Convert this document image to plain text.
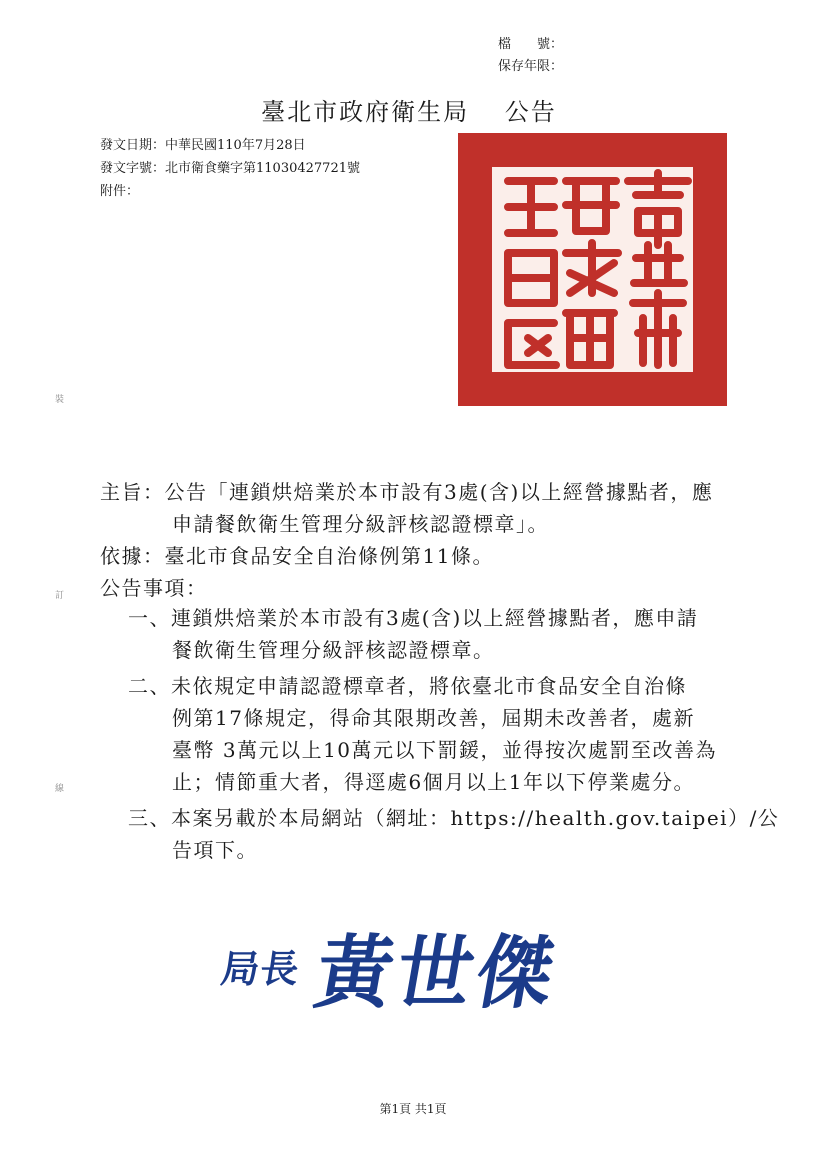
檔　　號：
保存年限：
臺北市政府衛生局　 公告
發文日期：中華民國110年7月28日
發文字號：北市衛食藥字第11030427721號
附件：
裝
訂
線
主旨：公告「連鎖烘焙業於本市設有3處(含)以上經營據點者，應
申請餐飲衛生管理分級評核認證標章」。
依據：臺北市食品安全自治條例第11條。
公告事項：
一、連鎖烘焙業於本市設有3處(含)以上經營據點者，應申請
餐飲衛生管理分級評核認證標章。
二、未依規定申請認證標章者，將依臺北市食品安全自治條
例第17條規定，得命其限期改善，屆期未改善者，處新
臺幣 3萬元以上10萬元以下罰鍰，並得按次處罰至改善為
止；情節重大者，得逕處6個月以上1年以下停業處分。
三、本案另載於本局網站（網址：https://health.gov.taipei）/公
告項下。
局長 黃世傑
第1頁 共1頁
